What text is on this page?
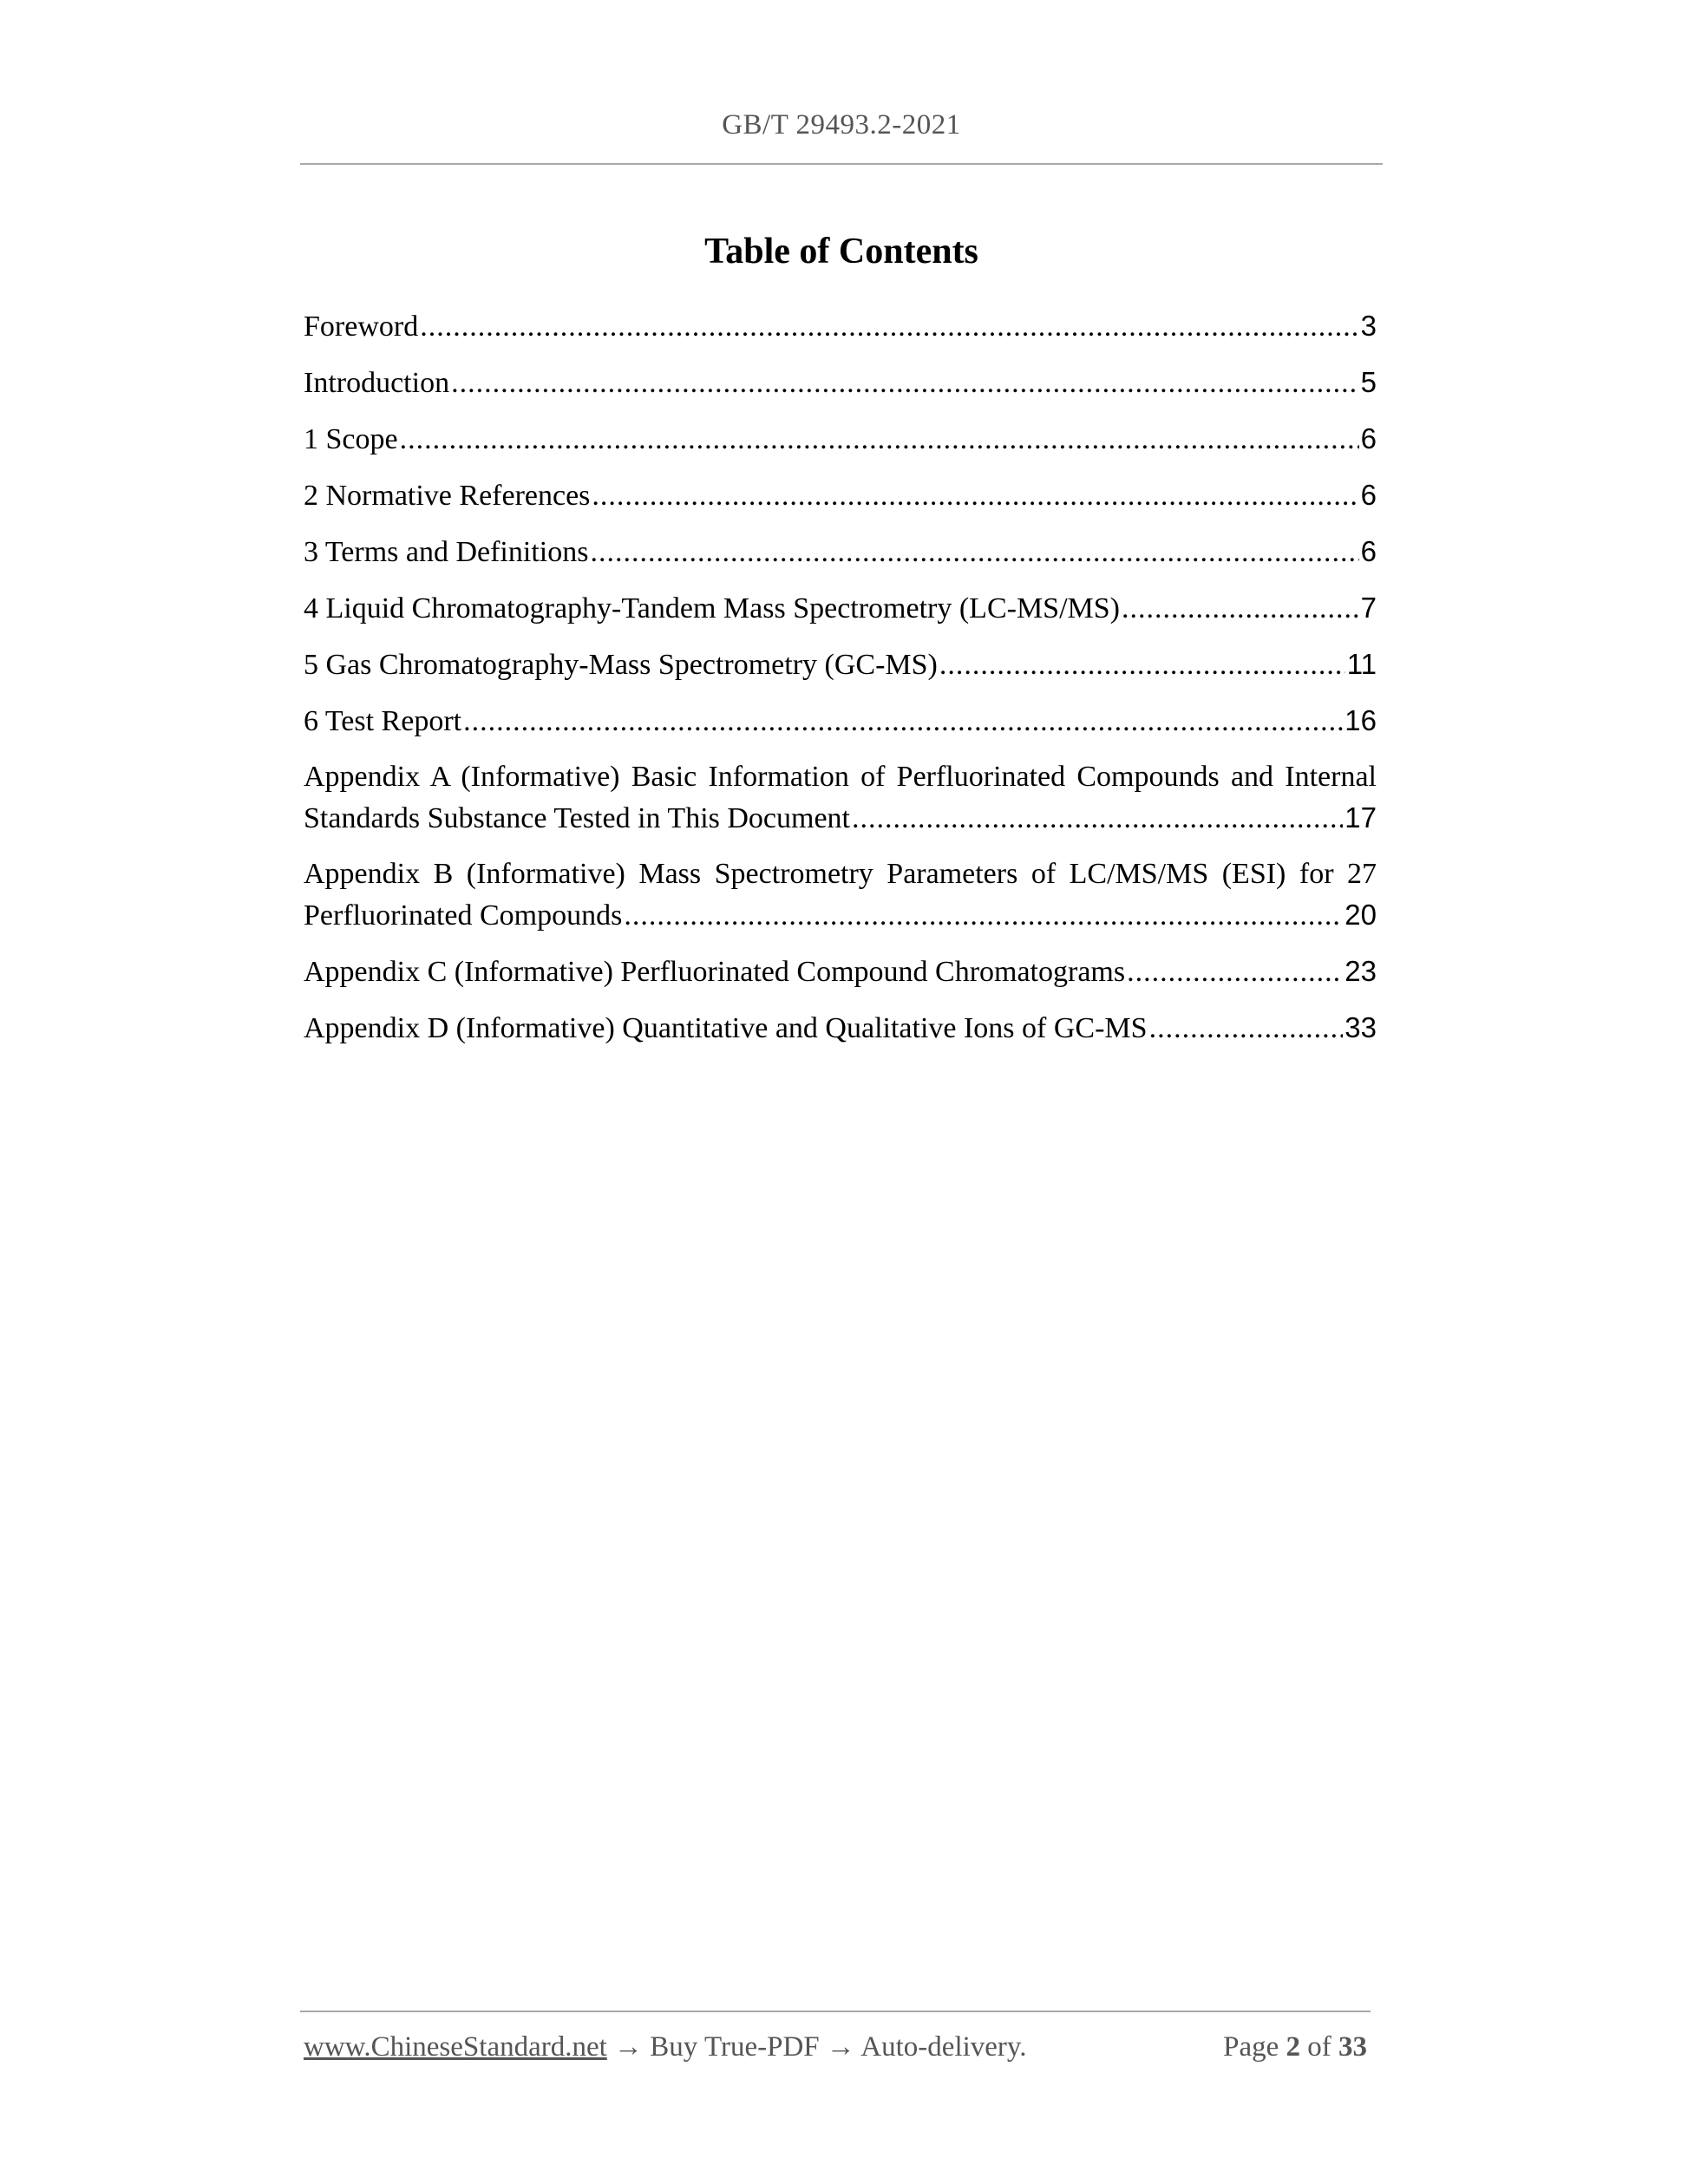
GB/T 29493.2-2021
Table of Contents
Foreword .....	3
Introduction .....	5
1 Scope .....	6
2 Normative References .....	6
3 Terms and Definitions .....	6
4 Liquid Chromatography-Tandem Mass Spectrometry (LC-MS/MS) .....	7
5 Gas Chromatography-Mass Spectrometry (GC-MS) .....	11
6 Test Report .....	16
Appendix A (Informative) Basic Information of Perfluorinated Compounds and Internal
Standards Substance Tested in This Document .....	17
Appendix B (Informative) Mass Spectrometry Parameters of LC/MS/MS (ESI) for 27
Perfluorinated Compounds .....	20
Appendix C (Informative) Perfluorinated Compound Chromatograms .....	23
Appendix D (Informative) Quantitative and Qualitative Ions of GC-MS .....	33
www.ChineseStandard.net → Buy True-PDF → Auto-delivery.	Page 2 of 33
